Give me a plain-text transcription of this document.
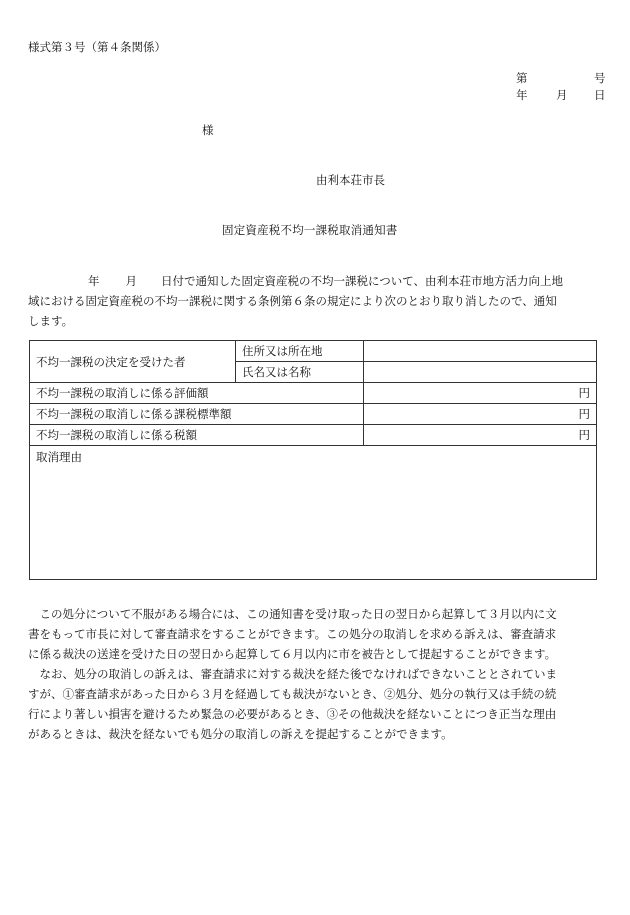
様式第３号（第４条関係）
第	号
年 月 日
様
由利本荘市長
固定資産税不均一課税取消通知書
年 月 日付で通知した固定資産税の不均一課税について、由利本荘市地方活力向上地
域における固定資産税の不均一課税に関する条例第６条の規定により次のとおり取り消したので、通知
します。
不均一課税の決定を受けた者	住所又は所在地	
	氏名又は名称	
不均一課税の取消しに係る評価額		円
不均一課税の取消しに係る課税標準額		円
不均一課税の取消しに係る税額		円
取消理由		
　この処分について不服がある場合には、この通知書を受け取った日の翌日から起算して３月以内に文
書をもって市長に対して審査請求をすることができます。この処分の取消しを求める訴えは、審査請求
に係る裁決の送達を受けた日の翌日から起算して６月以内に市を被告として提起することができます。
　なお、処分の取消しの訴えは、審査請求に対する裁決を経た後でなければできないこととされていま
すが、①審査請求があった日から３月を経過しても裁決がないとき、②処分、処分の執行又は手続の続
行により著しい損害を避けるため緊急の必要があるとき、③その他裁決を経ないことにつき正当な理由
があるときは、裁決を経ないでも処分の取消しの訴えを提起することができます。
